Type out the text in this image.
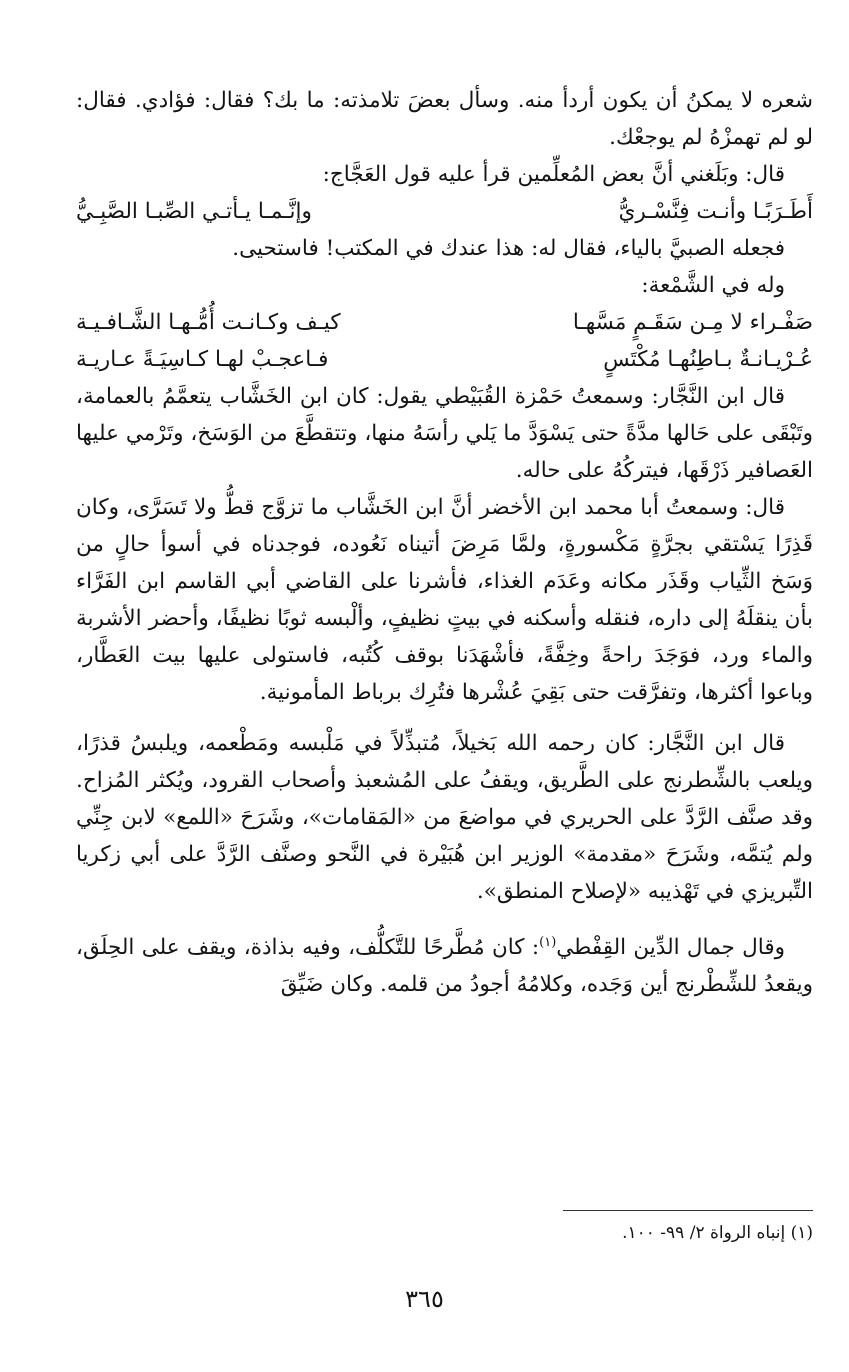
شعره لا يمكنُ أن يكون أردأ منه. وسأل بعضَ تلامذته: ما بك؟ فقال: فؤادي. فقال: لو لم تهمزْهُ لم يوجعْك.

قال: وبَلَغني أنَّ بعض المُعلِّمين قرأ عليه قول العَجَّاج:

أَطَـرَبًـا وأنـت فِنَّسْـريُّ
وإنَّـمـا يـأتـي الصِّبـا الصَّبِـيُّ

فجعله الصبيَّ بالياء، فقال له: هذا عندك في المكتب! فاستحيى.

وله في الشَّمْعة:

صَفْـراء لا مِـن سَقَـمٍ مَسَّهـا
كيـف وكـانـت أُمُّـهـا الشَّـافـيـة
عُـرْيـانـةٌ بـاطِنُهـا مُكْتَسٍ
فـاعجـبْ لهـا كـاسِيَـةً عـاريـة

قال ابن النَّجَّار: وسمعتُ حَمْزة القُبَيْطي يقول: كان ابن الخَشَّاب يتعمَّمُ بالعمامة، وتَبْقَى على حَالها مدَّةً حتى يَسْوَدَّ ما يَلي رأسَهُ منها، وتتقطَّعَ من الوَسَخ، وتَرْمي عليها العَصافير ذَرْقَها، فيتركُهُ على حاله.

قال: وسمعتُ أبا محمد ابن الأخضر أنَّ ابن الخَشَّاب ما تزوَّج قطُّ ولا تَسَرَّى، وكان قَذِرًا يَسْتقي بجرَّةٍ مَكْسورةٍ، ولمَّا مَرِضَ أتيناه نَعُوده، فوجدناه في أسوأ حالٍ من وَسَخ الثِّياب وقَذَر مكانه وعَدَم الغذاء، فأشرنا على القاضي أبي القاسم ابن الفَرَّاء بأن ينقلَهُ إلى داره، فنقله وأسكنه في بيتٍ نظيفٍ، وألْبسه ثوبًا نظيفًا، وأحضر الأشربة والماء ورد، فوَجَدَ راحةً وخِفَّةً، فأشْهَدَنا بوقف كُتُبه، فاستولى عليها بيت العَطَّار، وباعوا أكثرها، وتفرَّقت حتى بَقِيَ عُشْرها فتُرِك برباط المأمونية.

قال ابن النَّجَّار: كان رحمه الله بَخيلاً، مُتبذِّلاً في مَلْبسه ومَطْعمه، ويلبسُ قذرًا، ويلعب بالشِّطرنج على الطَّريق، ويقفُ على المُشعبذ وأصحاب القرود، ويُكثر المُزاح. وقد صنَّف الرَّدَّ على الحريري في مواضعَ من «المَقامات»، وشَرَحَ «اللمع» لابن جِنِّي ولم يُتمَّه، وشَرَحَ «مقدمة» الوزير ابن هُبَيْرة في النَّحو وصنَّف الرَّدَّ على أبي زكريا التِّبريزي في تَهْذيبه «لإصلاح المنطق».

وقال جمال الدِّين القِفْطي$^{(١)}$: كان مُطَّرحًا للتَّكلُّف، وفيه بذاذة، ويقف على الحِلَق، ويقعدُ للشِّطْرنج أين وَجَده، وكلامُهُ أجودُ من قلمه. وكان ضَيِّقَ

(١) إنباه الرواة ٢/ ٩٩- ١٠٠.
٣٦٥
